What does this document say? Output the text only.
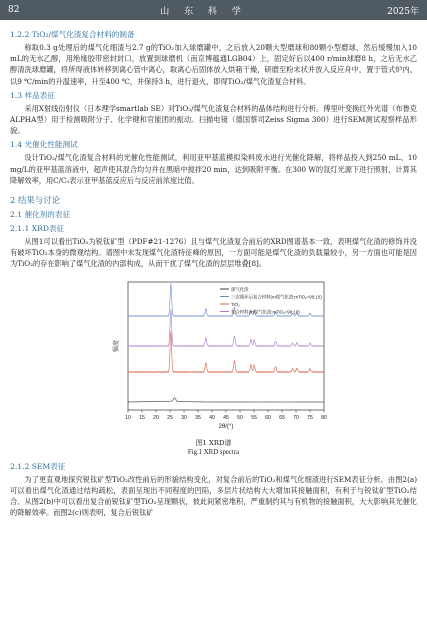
82	山 东 科 学	2025年
1.2.2 TiO₂/煤气化渣复合材料的制备

称取0.3 g处理后的煤气化细渣与2.7 g的TiO₂加入球磨罐中，之后放入20颗大型磨球和80颗小型磨球，然后缓慢加入10 mL的无水乙醇，用绝缘胶带密封封口，放置到球磨机（南京博蕴通LGB04）上，固定好后以400 r/min球磨8 h，之后无水乙醇清洗球磨罐，将所得液体转移到离心管中离心，取离心后固体放入烘箱干燥，研磨至粉末状并放入反应舟中，置于管式炉内，以9 ℃/min的升温速率，升至400 ℃，并保持3 h，进行退火，即得TiO₂/煤气化渣复合材料。

1.3 样品表征

采用X射线衍射仪（日本理学smartlab SE）对TiO₂/煤气化渣复合材料的晶体结构进行分析。傅里叶变换红外光谱（布鲁克ALPHA型）用于检测吸附分子、化学键和官能团的振动。扫描电镜（德国蔡司Zeiss Sigma 300）进行SEM测试观察样品形貌。

1.4 光催化性能测试

设计TiO₂/煤气化渣复合材料的光催化性能测试，利用亚甲基蓝模拟染料废水进行光催化降解，将样品投入到250 mL、10 mg/L的亚甲基蓝溶液中，超声使其混合均匀并在黑暗中搅拌20 min，达到吸附平衡。在300 W的氙灯光源下进行照射，计算其降解效率，用C/C₀表示亚甲基蓝反应后与反应前浓度比值。

2 结果与讨论
2.1 催化剂的表征
2.1.1 XRD表征

从图1可以看出TiO₂为锐钛矿型（PDF#21-1276）且与煤气化渣复合前后的XRD图谱基本一致，表明煤气化渣的修饰并没有破坏TiO₂本身的微观结构。谱图中未发现煤气化渣特征峰的原因，一方面可能是煤气化渣的负载量较小，另一方面也可能是因为TiO₂的存在影响了煤气化渣的内部构成，从而干扰了煤气化渣的层层堆叠[8]。

10 15 20 25 30 35 40 45 50 55 60 65 70 75 80
2θ/(°)
强度
煤气化渣
三次循环后复合材料(m煤气化渣:mTiO₂=90:10)
TiO₂
复合材料(m煤气化渣:mTiO₂=90:10)
图1 XRD谱
Fig.1 XRD spectra
2.1.2 SEM表征

为了更直观地探究锐钛矿型TiO₂改性前后的形貌结构变化，对复合前后的TiO₂和煤气化细渣进行SEM表征分析。由图2(a)可以看出煤气化渣通过结构疏松，表面呈现出不同程度的凹陷，多层片状结构大大增加其接触面积，有利于与锐钛矿型TiO₂结合。从图2(b)中可以看出复合前锐钛矿型TiO₂呈现颗状，彼此间紧密堆积，严重制约其与有机物的接触面积，大大影响其光催化的降解效率。而图2(c)则表明，复合后锐钛矿
